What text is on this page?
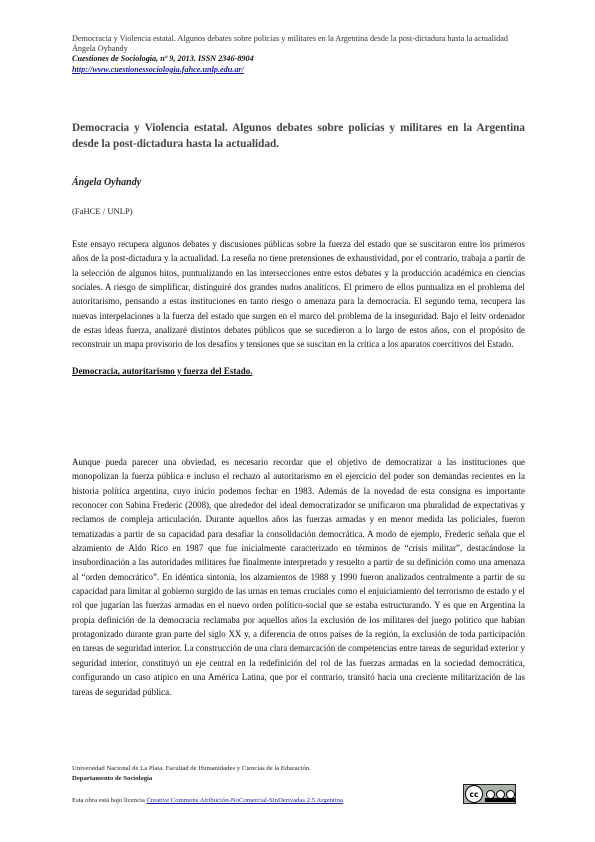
Democracia y Violencia estatal. Algunos debates sobre policías y militares en la Argentina desde la post-dictadura hasta la actualidad
Ángela Oyhandy
Cuestiones de Sociología, nº 9, 2013. ISSN 2346-8904
http://www.cuestionessociologia.fahce.unlp.edu.ar/
Democracia y Violencia estatal. Algunos debates sobre policías y militares en la Argentina desde la post-dictadura hasta la actualidad.
Ángela Oyhandy
(FaHCE / UNLP)

Este ensayo recupera algunos debates y discusiones públicas sobre la fuerza del estado que se suscitaron entre los primeros años de la post-dictadura y la actualidad. La reseña no tiene pretensiones de exhaustividad, por el contrario, trabaja a partir de la selección de algunos hitos, puntualizando en las intersecciones entre estos debates y la producción académica en ciencias sociales. A riesgo de simplificar, distinguiré dos grandes nudos analíticos. El primero de ellos puntualiza en el problema del autoritarismo, pensando a estas instituciones en tanto riesgo o amenaza para la democracia. El segundo tema, recupera las nuevas interpelaciones a la fuerza del estado que surgen en el marco del problema de la inseguridad. Bajo el leitv ordenador de estas ideas fuerza, analizaré distintos debates públicos que se sucedieron a lo largo de estos años, con el propósito de reconstruir un mapa provisorio de los desafíos y tensiones que se suscitan en la crítica a los aparatos coercitivos del Estado.

Democracia, autoritarismo y fuerza del Estado.

Aunque pueda parecer una obviedad, es necesario recordar que el objetivo de democratizar a las instituciones que monopolizan la fuerza pública e incluso el rechazo al autoritarismo en el ejercicio del poder son demandas recientes en la historia política argentina, cuyo inicio podemos fechar en 1983. Además de la novedad de esta consigna es importante reconocer con Sabina Frederic (2008), que alrededor del ideal democratizador se unificaron una pluralidad de expectativas y reclamos de compleja articulación. Durante aquellos años las fuerzas armadas y en menor medida las policiales, fueron tematizadas a partir de su capacidad para desafiar la consolidación democrática. A modo de ejemplo, Frederic señala que el alzamiento de Aldo Rico en 1987 que fue inicialmente caracterizado en términos de “crisis militar”, destacándose la insubordinación a las autoridades militares fue finalmente interpretado y resuelto a partir de su definición como una amenaza al “orden democrático”. En idéntica sintonía, los alzamientos de 1988 y 1990 fueron analizados centralmente a partir de su capacidad para limitar al gobierno surgido de las urnas en temas cruciales como el enjuiciamiento del terrorismo de estado y el rol que jugarían las fuerzas armadas en el nuevo orden político-social que se estaba estructurando. Y es que en Argentina la propia definición de la democracia reclamaba por aquellos años la exclusión de los militares del juego político que habían protagonizado durante gran parte del siglo XX y, a diferencia de otros países de la región, la exclusión de toda participación en tareas de seguridad interior. La construcción de una clara demarcación de competencias entre tareas de seguridad exterior y seguridad interior, constituyó un eje central en la redefinición del rol de las fuerzas armadas en la sociedad democrática, configurando un caso atípico en una América Latina, que por el contrario, transitó hacia una creciente militarización de las tareas de seguridad pública.

Universidad Nacional de La Plata. Facultad de Humanidades y Ciencias de la Educación.
Departamento de Sociología
Esta obra está bajo licencia Creative Commons Atribución-NoComercial-SinDerivadas 2.5 Argentina
cc
